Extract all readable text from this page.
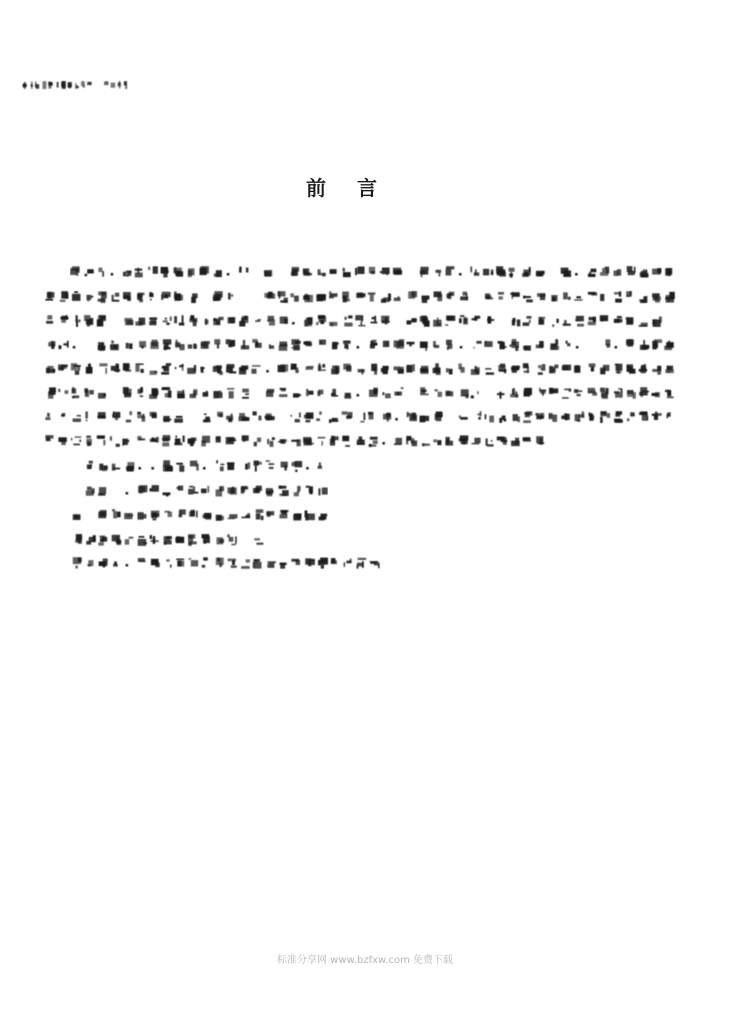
前 言
标准分享网 www.bzfxw.com 免费下载
